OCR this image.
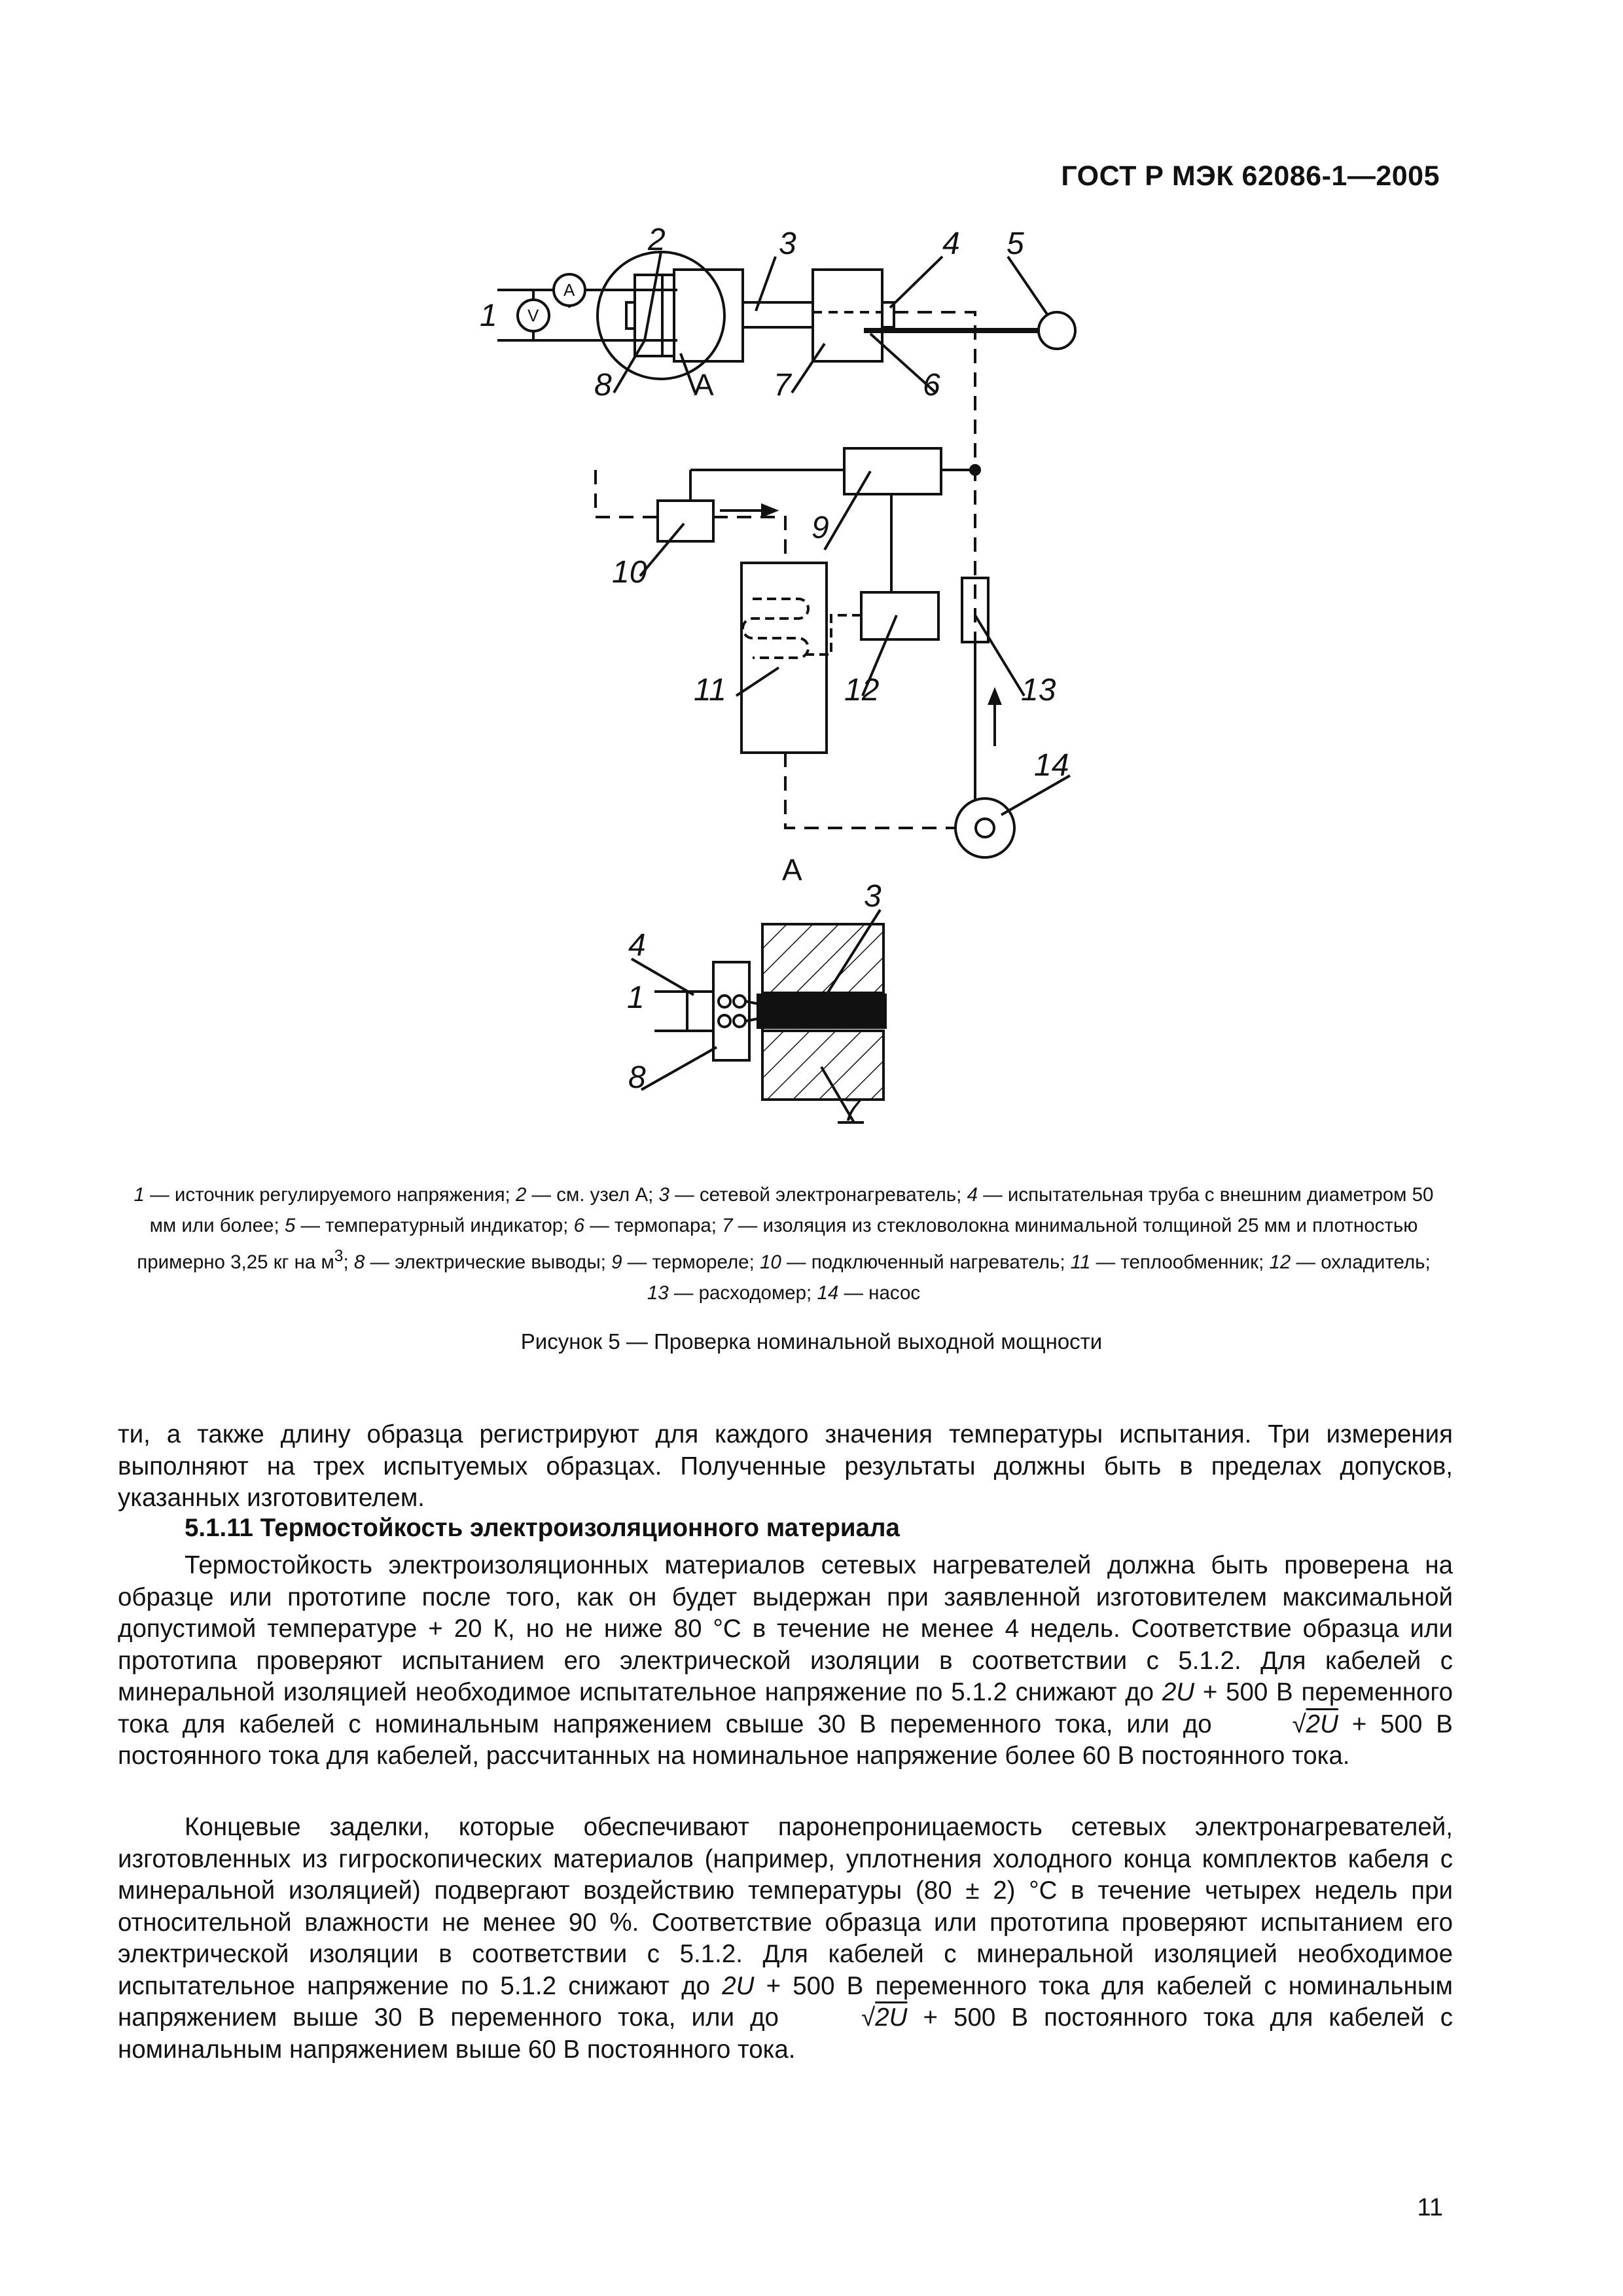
ГОСТ Р МЭК 62086-1—2005
2	3	4 5
1
8	A 7	6
9
10
11	12	13
14
A
3
4
1
8
7
A
V
1 — источник регулируемого напряжения; 2 — см. узел А; 3 — сетевой электронагреватель; 4 — испытательная труба с внешним диаметром 50 мм или более; 5 — температурный индикатор; 6 — термопара; 7 — изоляция из стекловолокна минимальной толщиной 25 мм и плотностью примерно 3,25 кг на $м^3$; 8 — электрические выводы; 9 — термореле; 10 — подключенный нагреватель; 11 — теплообменник; 12 — охладитель; 13 — расходомер; 14 — насос
Рисунок 5 — Проверка номинальной выходной мощности

ти, а также длину образца регистрируют для каждого значения температуры испытания. Три измерения выполняют на трех испытуемых образцах. Полученные результаты должны быть в пределах допусков, указанных изготовителем.

5.1.11 Термостойкость электроизоляционного материала

Термостойкость электроизоляционных материалов сетевых нагревателей должна быть проверена на образце или прототипе после того, как он будет выдержан при заявленной изготовителем максимальной допустимой температуре + 20 К, но не ниже 80 °С в течение не менее 4 недель. Соответствие образца или прототипа проверяют испытанием его электрической изоляции в соответствии с 5.1.2. Для кабелей с минеральной изоляцией необходимое испытательное напряжение по 5.1.2 снижают до 2U + 500 В переменного тока для кабелей с номинальным напряжением свыше 30 В переменного тока, или до	√2U + 500 В постоянного тока для кабелей, рассчитанных на номинальное напряжение более 60 В постоянного тока.

Концевые заделки, которые обеспечивают паронепроницаемость сетевых электронагревателей, изготовленных из гигроскопических материалов (например, уплотнения холодного конца комплектов кабеля с минеральной изоляцией) подвергают воздействию температуры (80 ± 2) °С в течение четырех недель при относительной влажности не менее 90 %. Соответствие образца или прототипа проверяют испытанием его электрической изоляции в соответствии с 5.1.2. Для кабелей с минеральной изоляцией необходимое испытательное напряжение по 5.1.2 снижают до 2U + 500 В переменного тока для кабелей с номинальным напряжением выше 30 В переменного тока, или до	√2U + 500 В постоянного тока для кабелей с номинальным напряжением выше 60 В постоянного тока.

11
